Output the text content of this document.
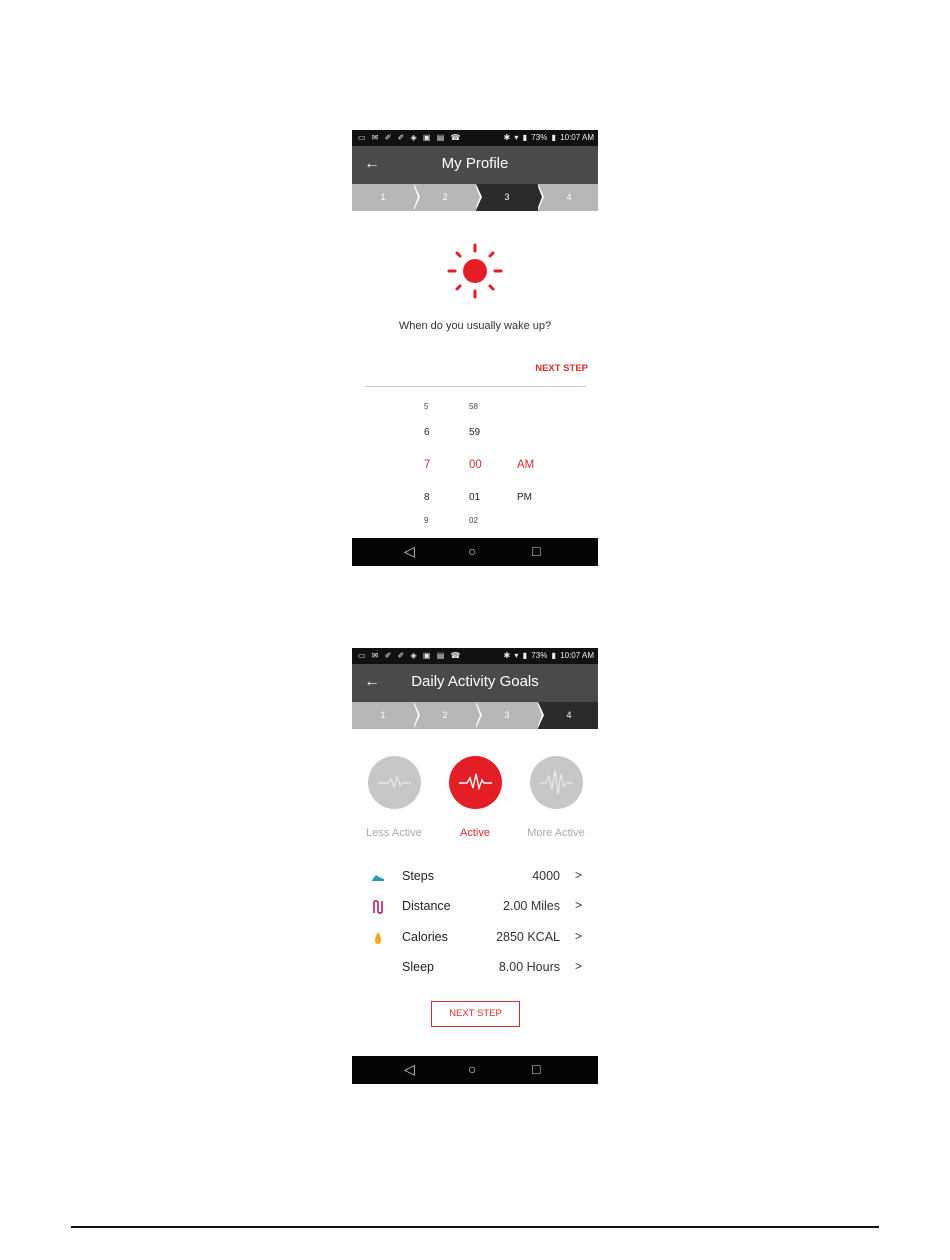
▭ ✉ ✐ ✐ ◈ ▣ ▤ ☎	✱ ▾ ▮ 73% ▮ 10:07 AM
←	My Profile
1	2	3	4
When do you usually wake up?
NEXT STEP
5	58
6	59
7	00	AM
8	01	PM
9	02
◁	○	□
▭ ✉ ✐ ✐ ◈ ▣ ▤ ☎	✱ ▾ ▮ 73% ▮ 10:07 AM
←	Daily Activity Goals
1	2	3	4
Less Active	Active	More Active
Steps	4000 >
Distance	2.00 Miles >
Calories	2850 KCAL >
Sleep	8.00 Hours >
NEXT STEP
◁	○	□
